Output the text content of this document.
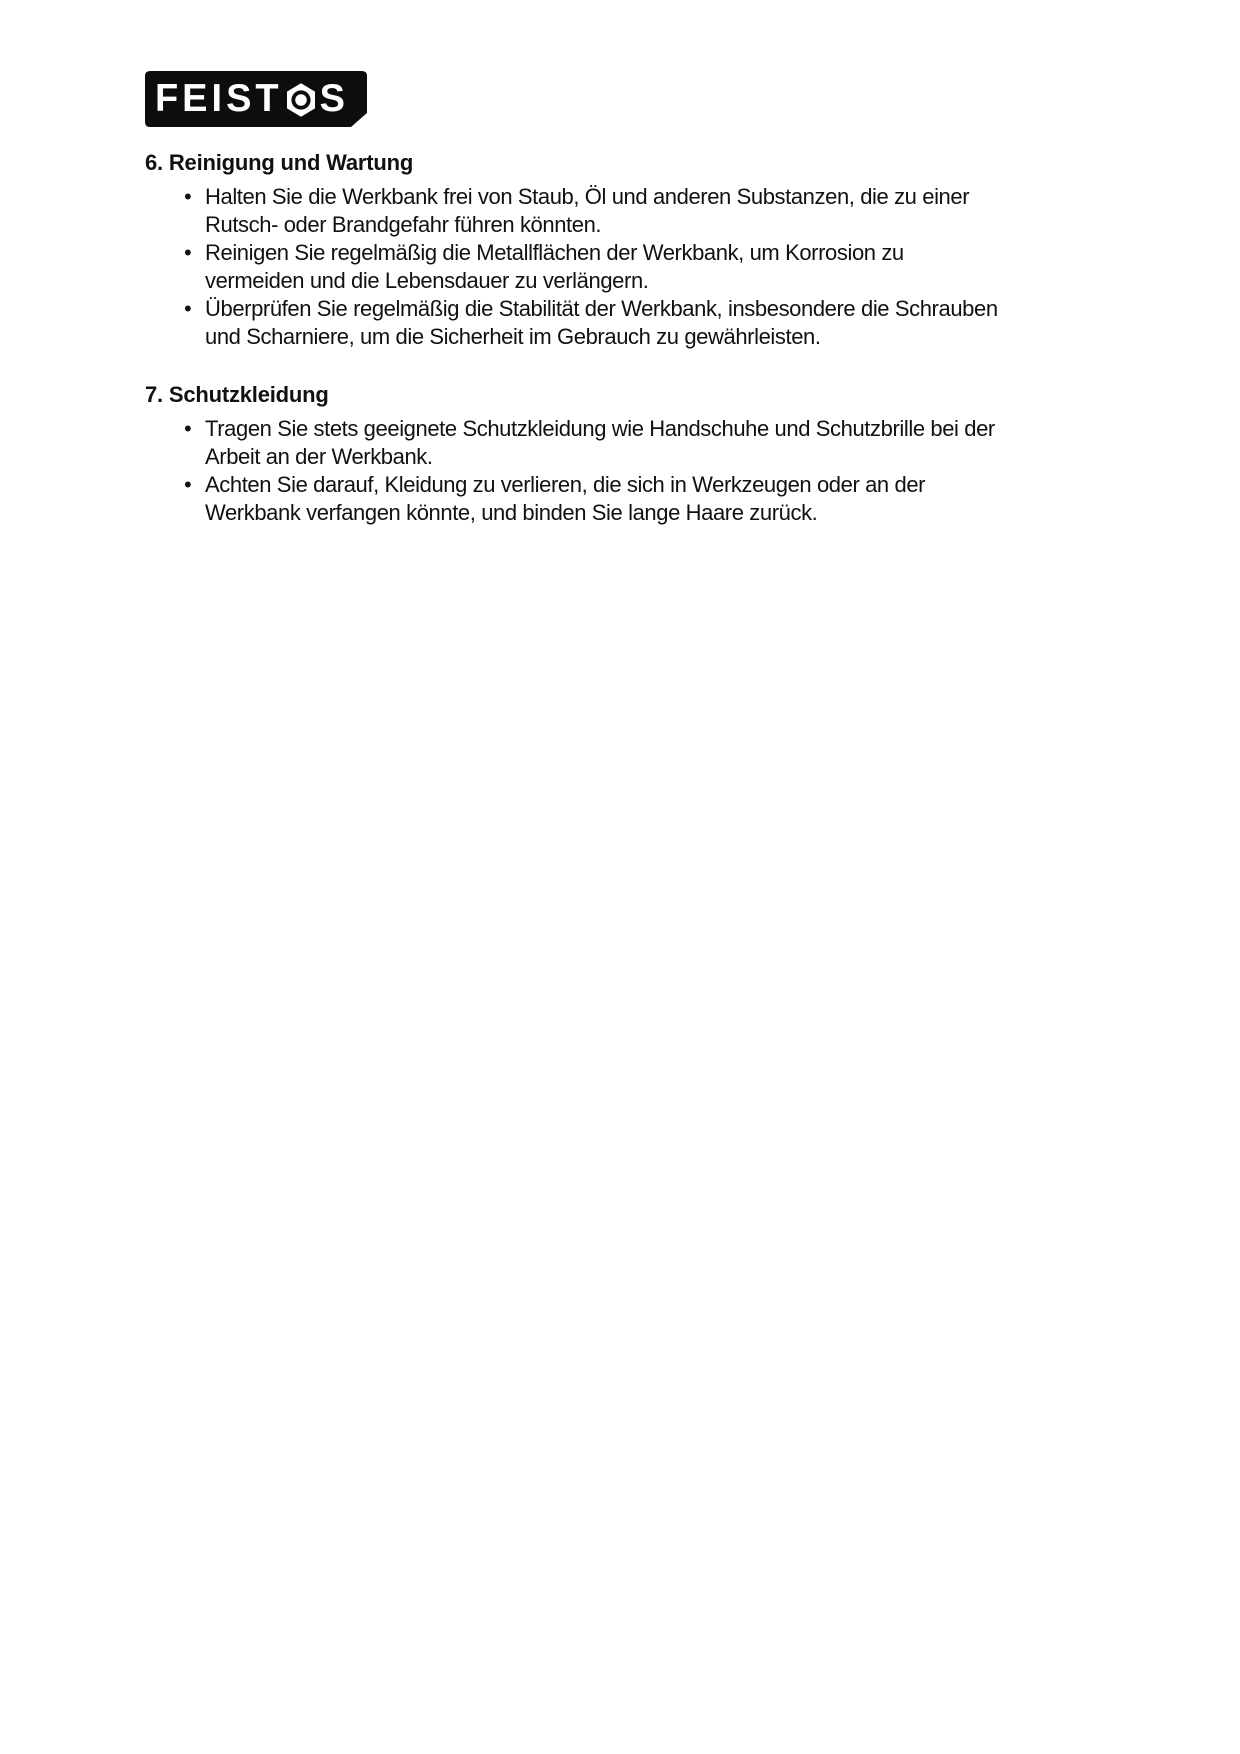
FEIST S
6. Reinigung und Wartung
• Halten Sie die Werkbank frei von Staub, Öl und anderen Substanzen, die zu einer Rutsch- oder Brandgefahr führen könnten.
• Reinigen Sie regelmäßig die Metallflächen der Werkbank, um Korrosion zu vermeiden und die Lebensdauer zu verlängern.
• Überprüfen Sie regelmäßig die Stabilität der Werkbank, insbesondere die Schrauben und Scharniere, um die Sicherheit im Gebrauch zu gewährleisten.
7. Schutzkleidung
• Tragen Sie stets geeignete Schutzkleidung wie Handschuhe und Schutzbrille bei der Arbeit an der Werkbank.
• Achten Sie darauf, Kleidung zu verlieren, die sich in Werkzeugen oder an der Werkbank verfangen könnte, und binden Sie lange Haare zurück.
